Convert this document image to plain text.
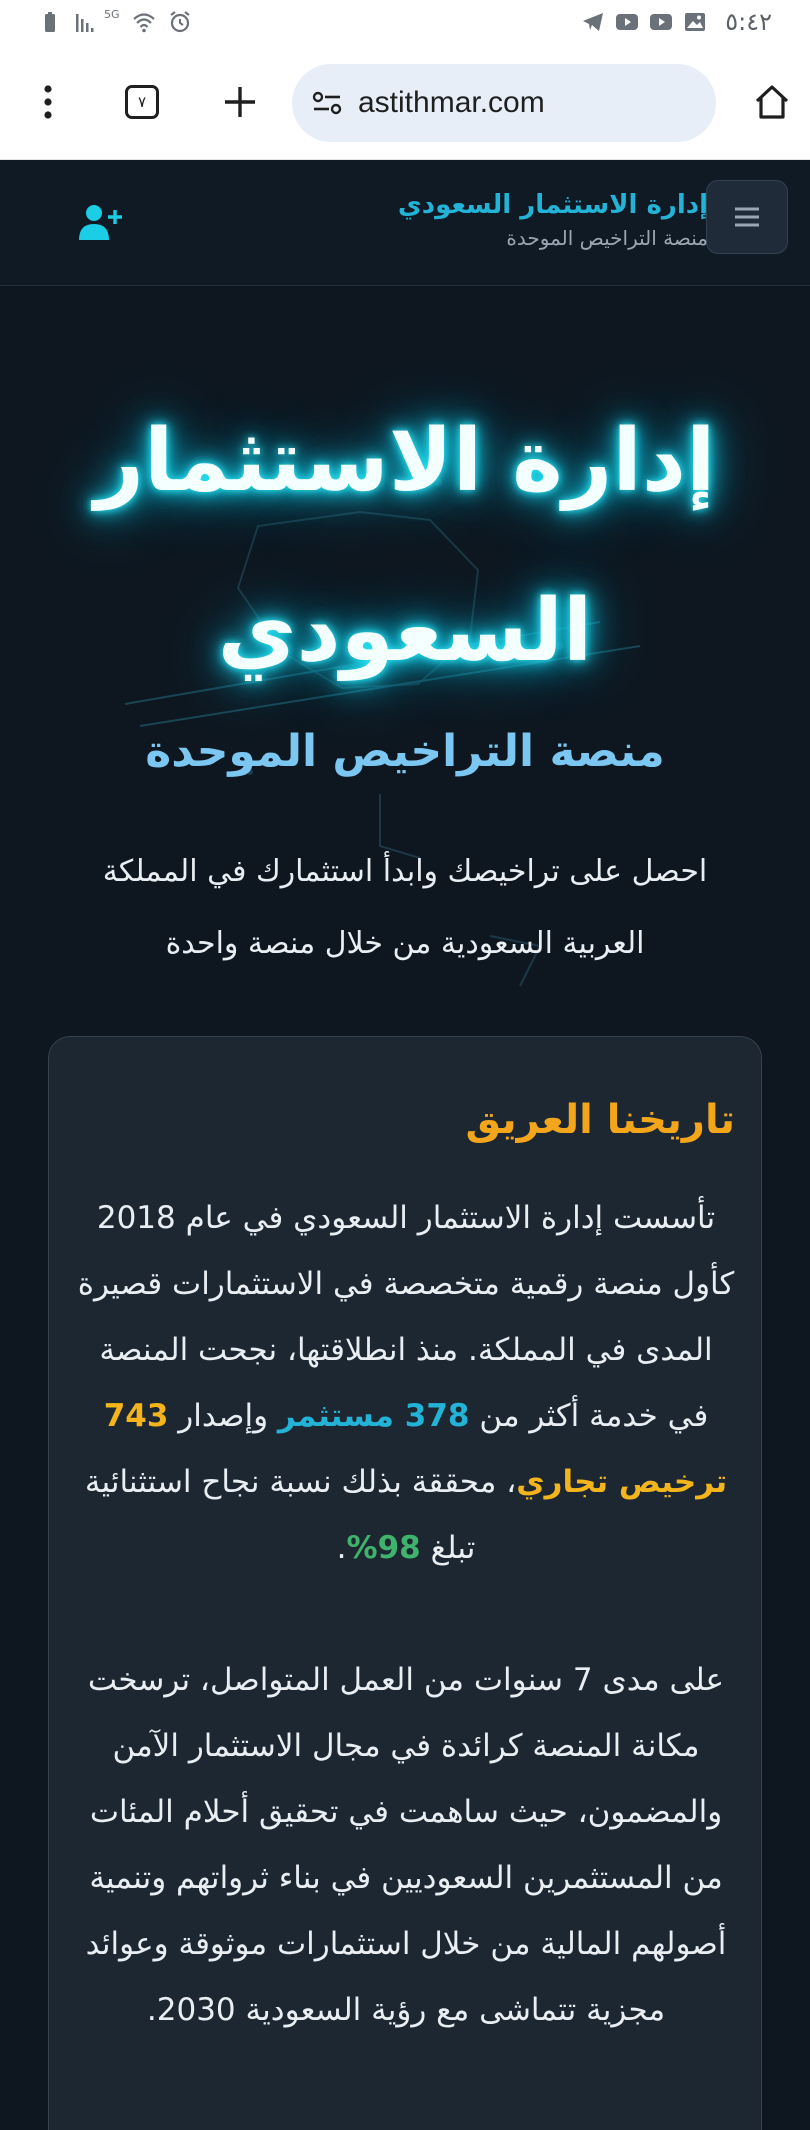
5G	٥:٤٢
٧	astithmar.com
إدارة الاستثمار السعودي
منصة التراخيص الموحدة
إدارة الاستثمار
السعودي
منصة التراخيص الموحدة
احصل على تراخيصك وابدأ استثمارك في المملكة العربية السعودية من خلال منصة واحدة
تاريخنا العريق

تأسست إدارة الاستثمار السعودي في عام 2018 كأول منصة رقمية متخصصة في الاستثمارات قصيرة المدى في المملكة. منذ انطلاقتها، نجحت المنصة في خدمة أكثر من 378 مستثمر وإصدار 743 ترخيص تجاري، محققة بذلك نسبة نجاح استثنائية تبلغ 98%.

على مدى 7 سنوات من العمل المتواصل، ترسخت مكانة المنصة كرائدة في مجال الاستثمار الآمن والمضمون، حيث ساهمت في تحقيق أحلام المئات من المستثمرين السعوديين في بناء ثرواتهم وتنمية أصولهم المالية من خلال استثمارات موثوقة وعوائد مجزية تتماشى مع رؤية السعودية 2030.
